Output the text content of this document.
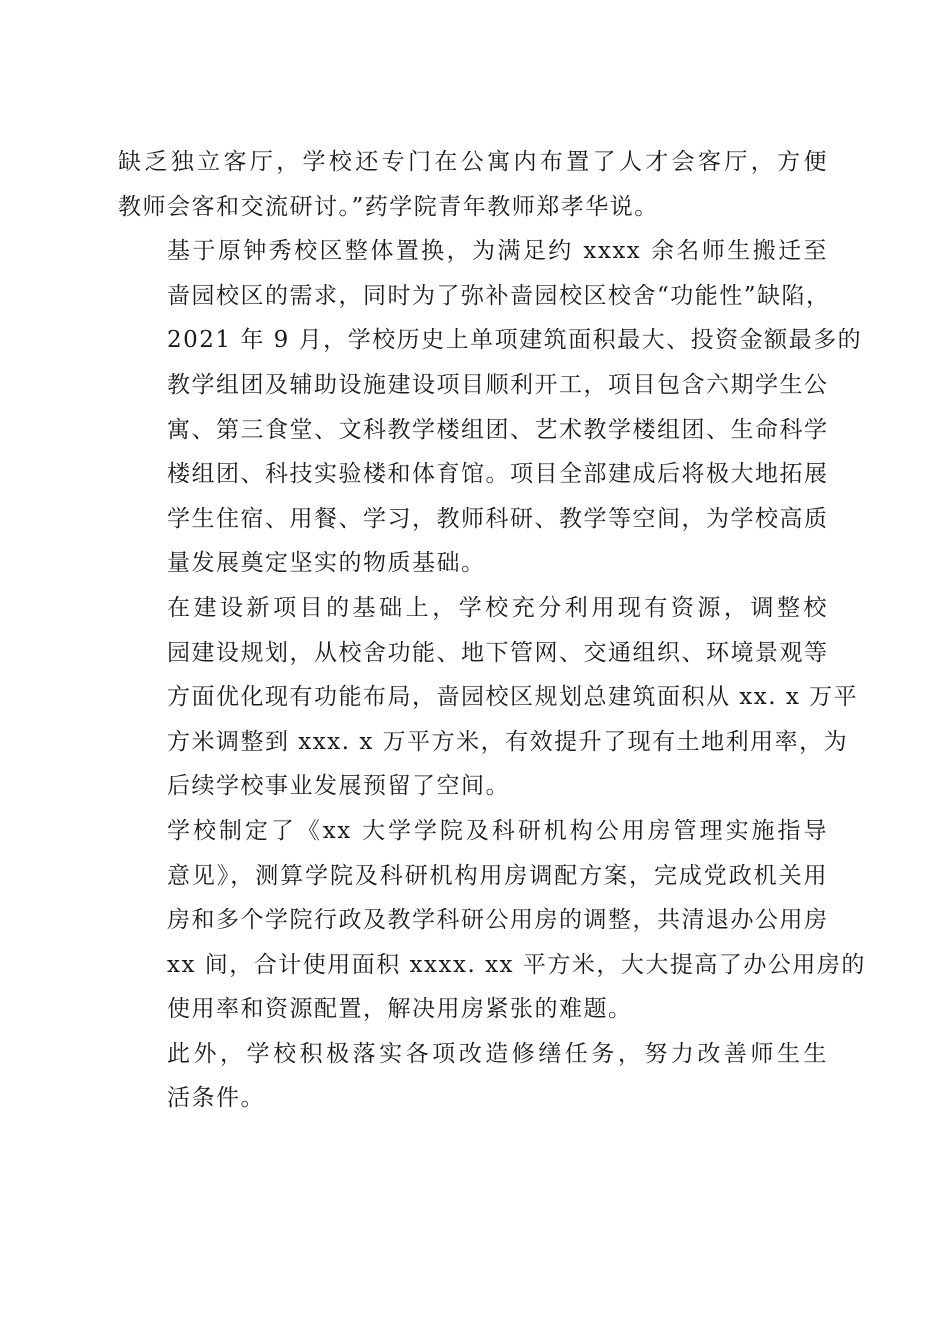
缺乏独立客厅，学校还专门在公寓内布置了人才会客厅，方便
教师会客和交流研讨。”药学院青年教师郑孝华说。

基于原钟秀校区整体置换，为满足约 xxxx 余名师生搬迁至
啬园校区的需求，同时为了弥补啬园校区校舍“功能性”缺陷，
2021 年 9 月，学校历史上单项建筑面积最大、投资金额最多的
教学组团及辅助设施建设项目顺利开工，项目包含六期学生公
寓、第三食堂、文科教学楼组团、艺术教学楼组团、生命科学
楼组团、科技实验楼和体育馆。项目全部建成后将极大地拓展
学生住宿、用餐、学习，教师科研、教学等空间，为学校高质
量发展奠定坚实的物质基础。

在建设新项目的基础上，学校充分利用现有资源，调整校
园建设规划，从校舍功能、地下管网、交通组织、环境景观等
方面优化现有功能布局，啬园校区规划总建筑面积从 xx. x 万平
方米调整到 xxx. x 万平方米，有效提升了现有土地利用率，为
后续学校事业发展预留了空间。

学校制定了《xx 大学学院及科研机构公用房管理实施指导
意见》，测算学院及科研机构用房调配方案，完成党政机关用
房和多个学院行政及教学科研公用房的调整，共清退办公用房
xx 间，合计使用面积 xxxx. xx 平方米，大大提高了办公用房的
使用率和资源配置，解决用房紧张的难题。

此外，学校积极落实各项改造修缮任务，努力改善师生生
活条件。
